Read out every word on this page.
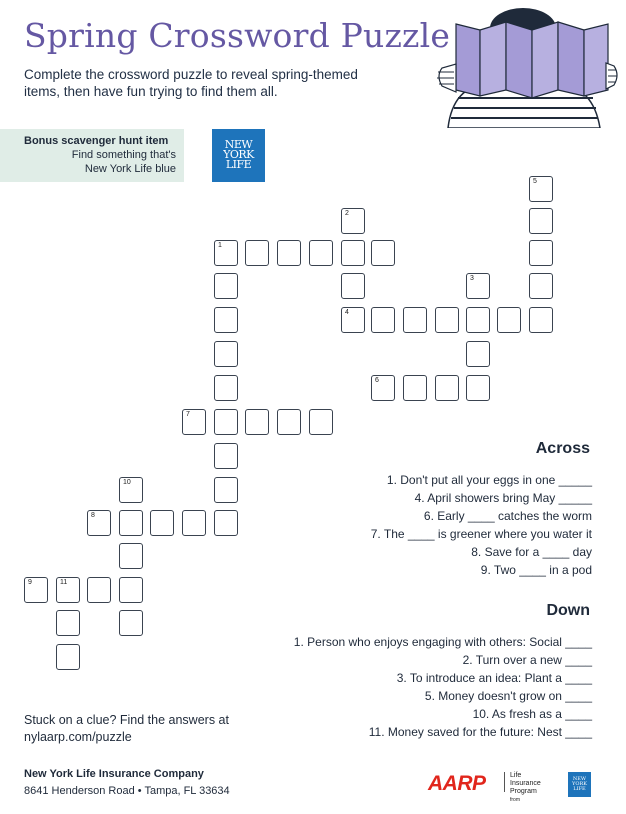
Spring Crossword Puzzle
Complete the crossword puzzle to reveal spring-themed items, then have fun trying to find them all.
Bonus scavenger hunt item
Find something that's
New York Life blue
NEW
YORK
LIFE
5
2
1
3
4
6
7
10
8
9	11
Across
1. Don't put all your eggs in one _____
4. April showers bring May _____
6. Early ____ catches the worm
7. The ____ is greener where you water it
8. Save for a ____ day
9. Two ____ in a pod
Down
1. Person who enjoys engaging with others: Social ____
2. Turn over a new ____
3. To introduce an idea: Plant a ____
5. Money doesn't grow on ____
10. As fresh as a ____
11. Money saved for the future: Nest ____
Stuck on a clue? Find the answers at
nylaarp.com/puzzle
New York Life Insurance Company
8641 Henderson Road • Tampa, FL 33634	AARP	Life Insurance
Program from
NEW
YORK
LIFE
